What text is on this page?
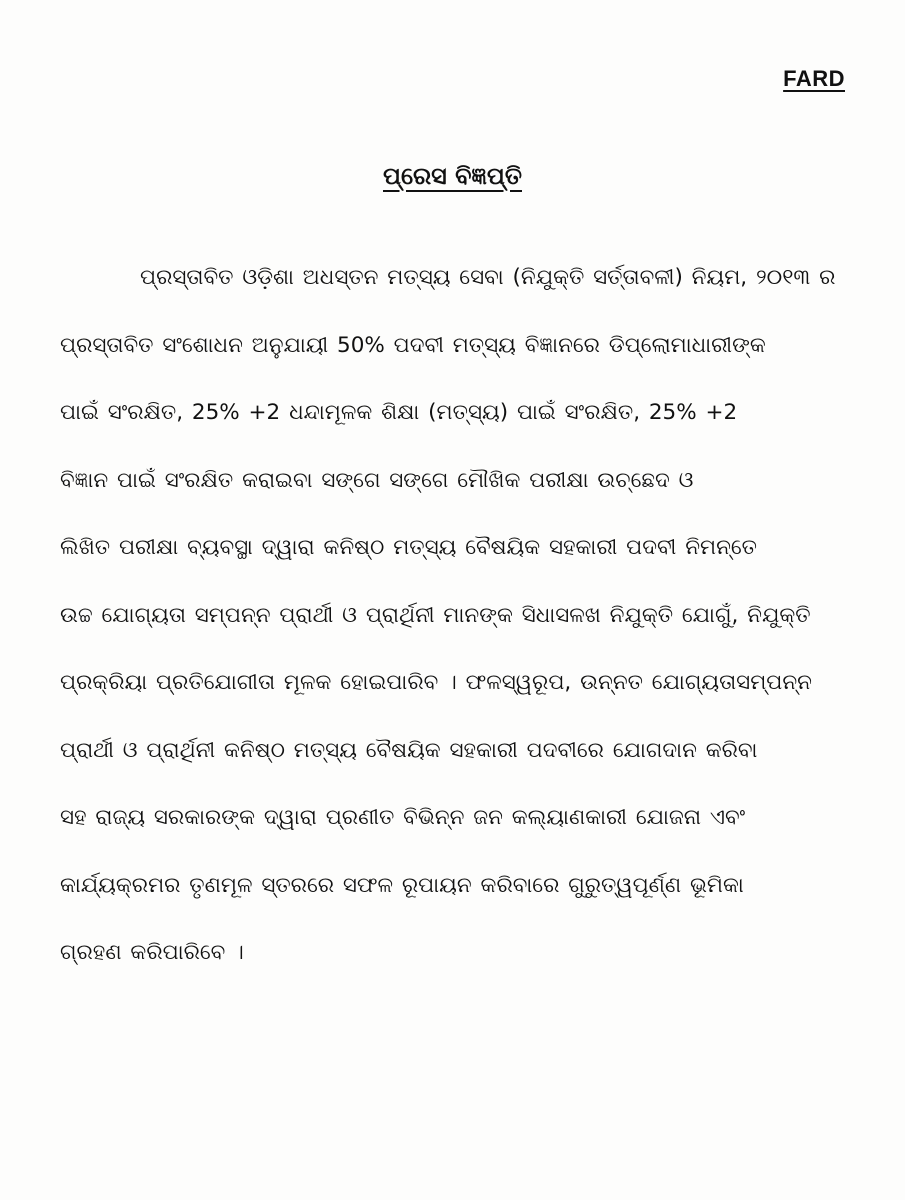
FARD
ପ୍ରେସ ବିଜ୍ଞପ୍ତି
ପ୍ରସ୍ତାବିତ ଓଡ଼ିଶା ଅଧସ୍ତନ ମତ୍ସ୍ୟ ସେବା (ନିଯୁକ୍ତି ସର୍ତ୍ତାବଳୀ) ନିୟମ, ୨୦୧୩ ର
ପ୍ରସ୍ତାବିତ ସଂଶୋଧନ ଅନୁଯାୟୀ 50% ପଦବୀ ମତ୍ସ୍ୟ ବିଜ୍ଞାନରେ ଡିପ୍ଲୋମାଧାରୀଙ୍କ
ପାଇଁ ସଂରକ୍ଷିତ, 25% +2 ଧନ୍ଦାମୂଳକ ଶିକ୍ଷା (ମତ୍ସ୍ୟ) ପାଇଁ ସଂରକ୍ଷିତ, 25% +2
ବିଜ୍ଞାନ ପାଇଁ ସଂରକ୍ଷିତ କରାଇବା ସଙ୍ଗେ ସଙ୍ଗେ ମୌଖିକ ପରୀକ୍ଷା ଉଚ୍ଛେଦ ଓ
ଲିଖିତ ପରୀକ୍ଷା ବ୍ୟବସ୍ଥା ଦ୍ୱାରା କନିଷ୍ଠ ମତ୍ସ୍ୟ ବୈଷୟିକ ସହକାରୀ ପଦବୀ ନିମନ୍ତେ
ଉଚ୍ଚ ଯୋଗ୍ୟତା ସମ୍ପନ୍ନ ପ୍ରାର୍ଥୀ ଓ ପ୍ରାର୍ଥିନୀ ମାନଙ୍କ ସିଧାସଳଖ ନିଯୁକ୍ତି ଯୋଗୁଁ, ନିଯୁକ୍ତି
ପ୍ରକ୍ରିୟା ପ୍ରତିଯୋଗୀତା ମୂଳକ ହୋଇପାରିବ । ଫଳସ୍ୱରୂପ, ଉନ୍ନତ ଯୋଗ୍ୟତାସମ୍ପନ୍ନ
ପ୍ରାର୍ଥୀ ଓ ପ୍ରାର୍ଥିନୀ କନିଷ୍ଠ ମତ୍ସ୍ୟ ବୈଷୟିକ ସହକାରୀ ପଦବୀରେ ଯୋଗଦାନ କରିବା
ସହ ରାଜ୍ୟ ସରକାରଙ୍କ ଦ୍ୱାରା ପ୍ରଣୀତ ବିଭିନ୍ନ ଜନ କଲ୍ୟାଣକାରୀ ଯୋଜନା ଏବଂ
କାର୍ଯ୍ୟକ୍ରମର ତୃଣମୂଳ ସ୍ତରରେ ସଫଳ ରୂପାୟନ କରିବାରେ ଗୁରୁତ୍ୱପୂର୍ଣ୍ଣ ଭୂମିକା
ଗ୍ରହଣ କରିପାରିବେ ।
